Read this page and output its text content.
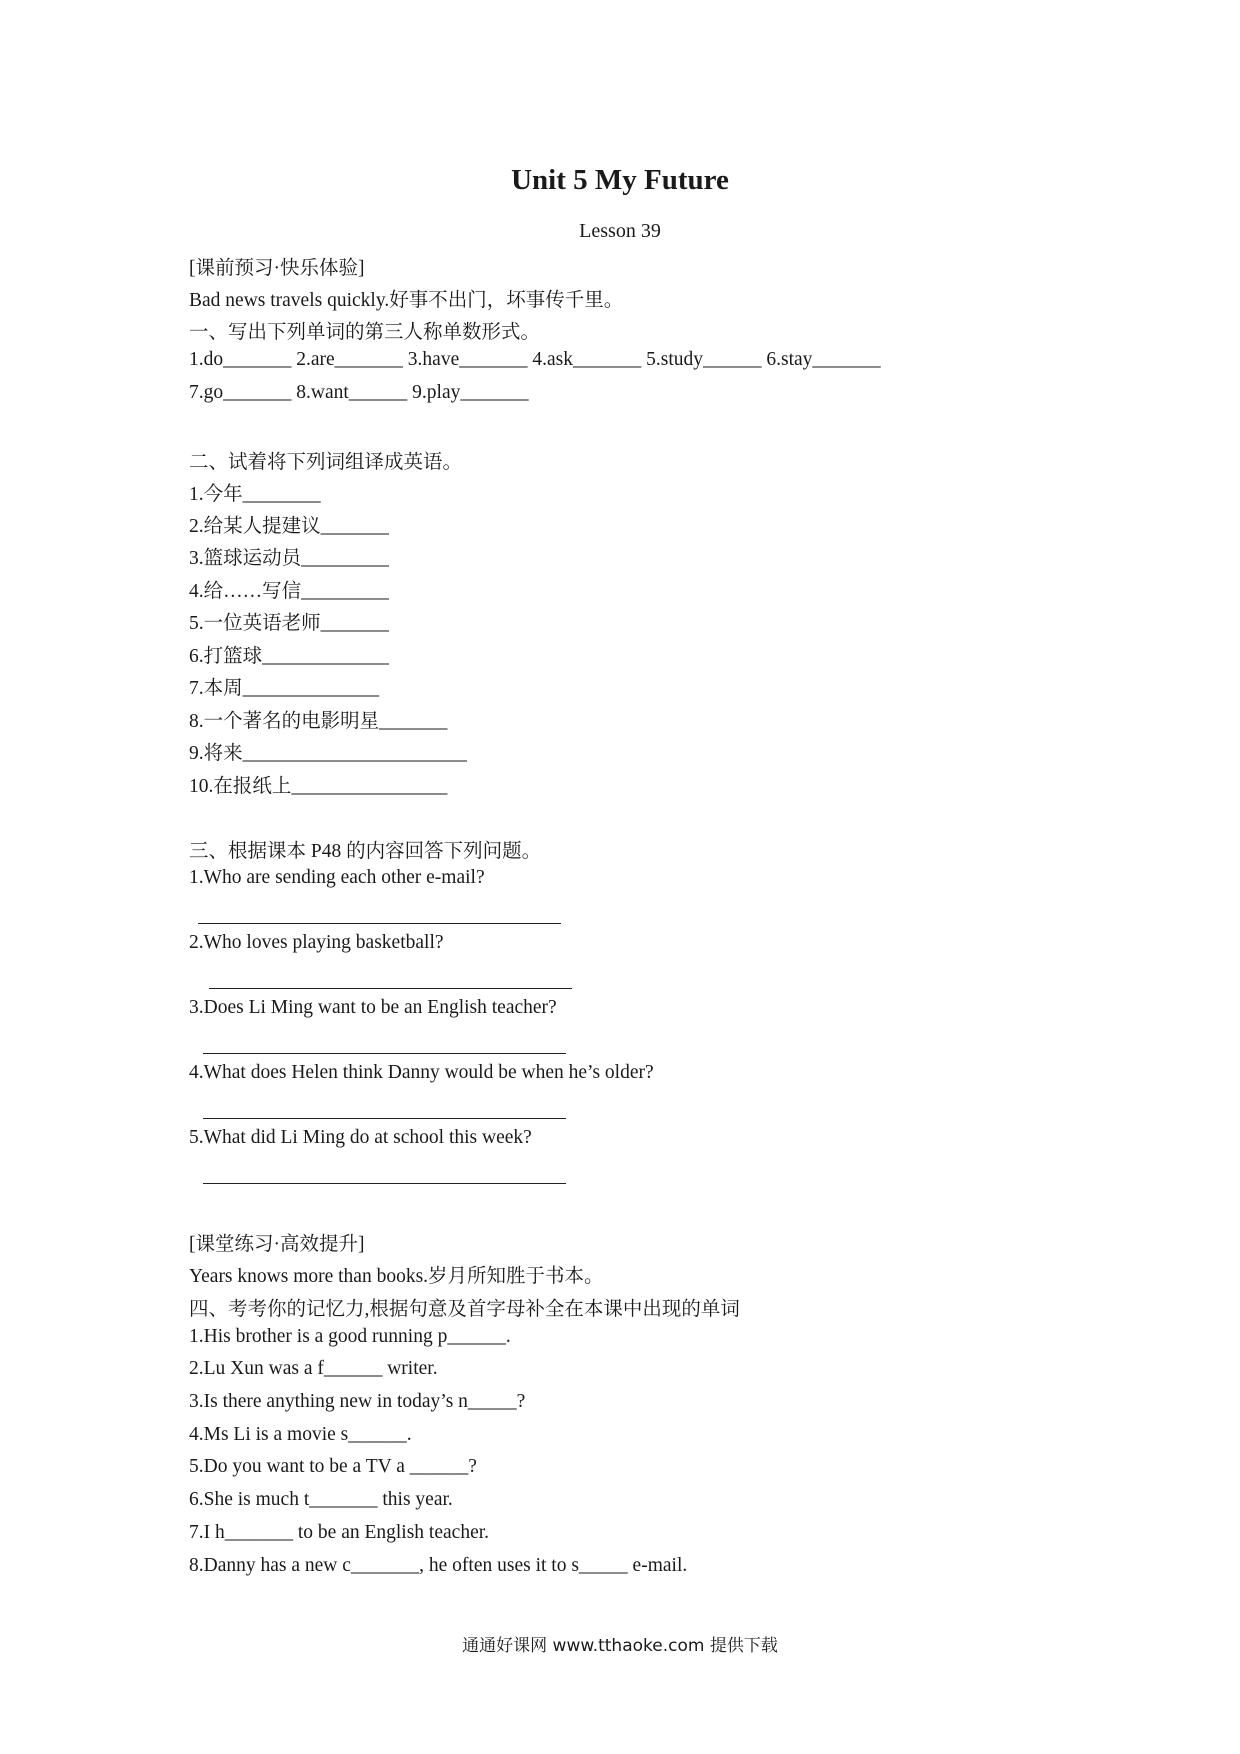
Unit 5 My Future
Lesson 39
[课前预习·快乐体验]
Bad news travels quickly.好事不出门，坏事传千里。
一、写出下列单词的第三人称单数形式。
1.do_______ 2.are_______ 3.have_______ 4.ask_______ 5.study______ 6.stay_______
7.go_______ 8.want______ 9.play_______
二、试着将下列词组译成英语。
1.今年________
2.给某人提建议_______
3.篮球运动员_________
4.给……写信_________
5.一位英语老师_______
6.打篮球_____________
7.本周______________
8.一个著名的电影明星_______
9.将来_______________________
10.在报纸上________________
三、根据课本 P48 的内容回答下列问题。
1.Who are sending each other e-mail?
2.Who loves playing basketball?
3.Does Li Ming want to be an English teacher?
4.What does Helen think Danny would be when he’s older?
5.What did Li Ming do at school this week?
[课堂练习·高效提升]
Years knows more than books.岁月所知胜于书本。
四、考考你的记忆力,根据句意及首字母补全在本课中出现的单词
1.His brother is a good running p______.
2.Lu Xun was a f______ writer.
3.Is there anything new in today’s n_____?
4.Ms Li is a movie s______.
5.Do you want to be a TV a ______?
6.She is much t_______ this year.
7.I h_______ to be an English teacher.
8.Danny has a new c_______, he often uses it to s_____ e-mail.
通通好课网 www.tthaoke.com 提供下载
